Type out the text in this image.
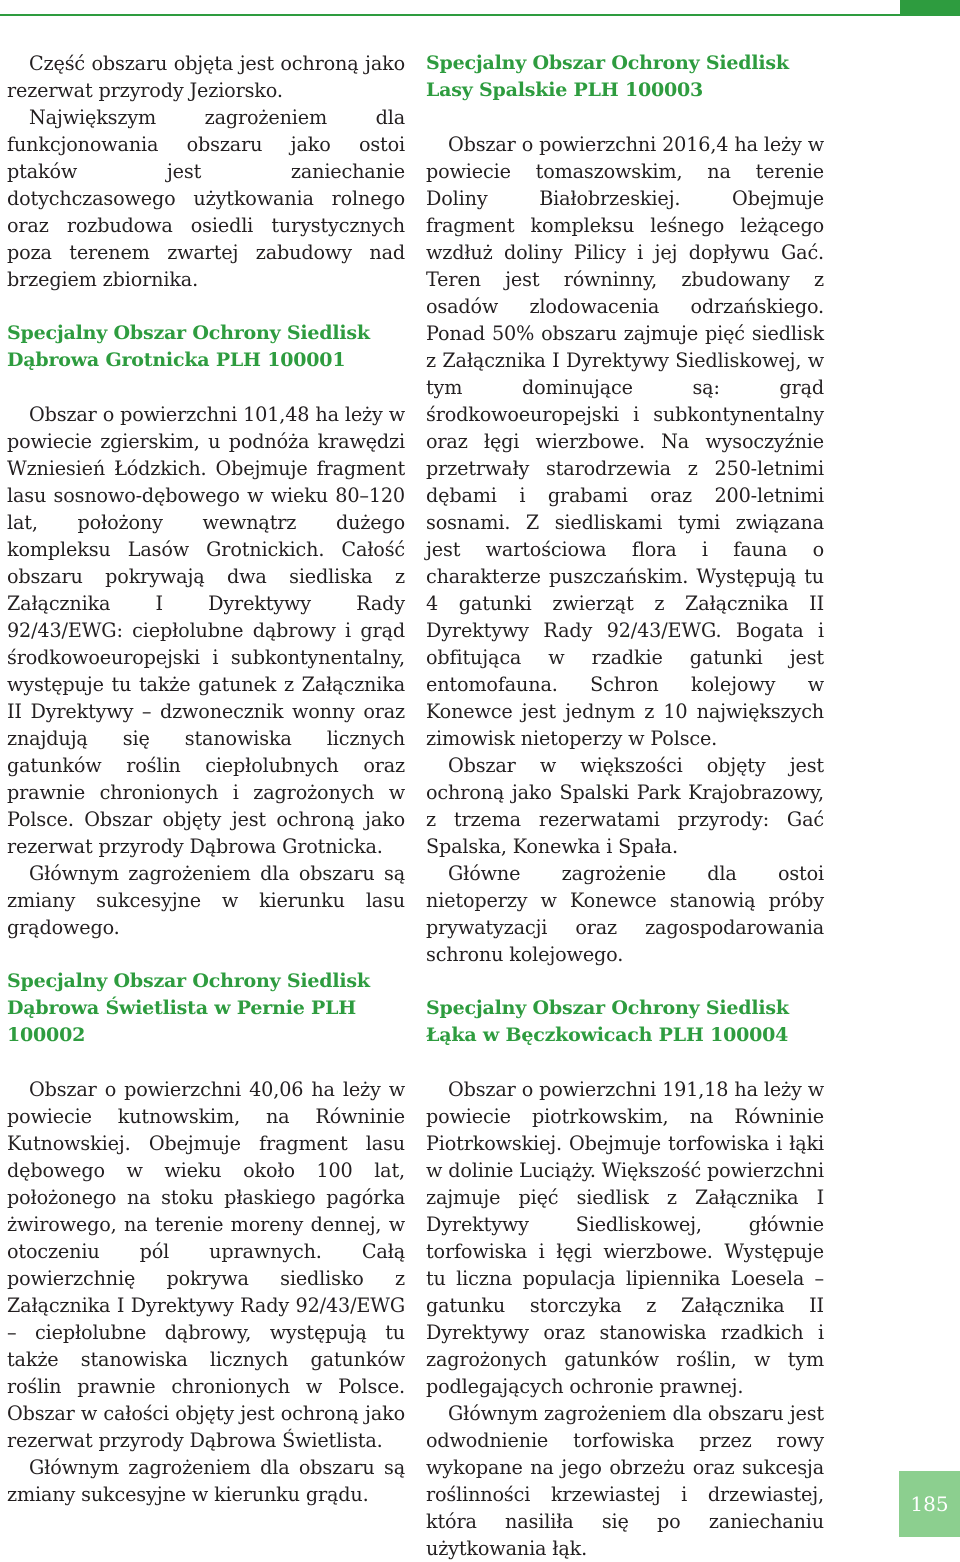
Część obszaru objęta jest ochroną jako rezerwat przyrody Jeziorsko.

Największym zagrożeniem dla funkcjonowania obszaru jako ostoi ptaków jest zaniechanie dotychczasowego użytkowania rolnego oraz rozbudowa osiedli turystycznych poza terenem zwartej zabudowy nad brzegiem zbiornika.

Specjalny Obszar Ochrony Siedlisk Dąbrowa Grotnicka PLH 100001

Obszar o powierzchni 101,48 ha leży w powiecie zgierskim, u podnóża krawędzi Wzniesień Łódzkich. Obejmuje fragment lasu sosnowo-dębowego w wieku 80–120 lat, położony wewnątrz dużego kompleksu Lasów Grotnickich. Całość obszaru pokrywają dwa siedliska z Załącznika I Dyrektywy Rady 92/43/EWG: ciepłolubne dąbrowy i grąd środkowoeuropejski i subkontynentalny, występuje tu także gatunek z Załącznika II Dyrektywy – dzwonecznik wonny oraz znajdują się stanowiska licznych gatunków roślin ciepłolubnych oraz prawnie chronionych i zagrożonych w Polsce. Obszar objęty jest ochroną jako rezerwat przyrody Dąbrowa Grotnicka.

Głównym zagrożeniem dla obszaru są zmiany sukcesyjne w kierunku lasu grądowego.

Specjalny Obszar Ochrony Siedlisk Dąbrowa Świetlista w Pernie PLH 100002

Obszar o powierzchni 40,06 ha leży w powiecie kutnowskim, na Równinie Kutnowskiej. Obejmuje fragment lasu dębowego w wieku około 100 lat, położonego na stoku płaskiego pagórka żwirowego, na terenie moreny dennej, w otoczeniu pól uprawnych. Całą powierzchnię pokrywa siedlisko z Załącznika I Dyrektywy Rady 92/43/EWG – ciepłolubne dąbrowy, występują tu także stanowiska licznych gatunków roślin prawnie chronionych w Polsce. Obszar w całości objęty jest ochroną jako rezerwat przyrody Dąbrowa Świetlista.

Głównym zagrożeniem dla obszaru są zmiany sukcesyjne w kierunku grądu.

Specjalny Obszar Ochrony Siedlisk Lasy Spalskie PLH 100003

Obszar o powierzchni 2016,4 ha leży w powiecie tomaszowskim, na terenie Doliny Białobrzeskiej. Obejmuje fragment kompleksu leśnego leżącego wzdłuż doliny Pilicy i jej dopływu Gać. Teren jest równinny, zbudowany z osadów zlodowacenia odrzańskiego. Ponad 50% obszaru zajmuje pięć siedlisk z Załącznika I Dyrektywy Siedliskowej, w tym dominujące są: grąd środkowoeuropejski i subkontynentalny oraz łęgi wierzbowe. Na wysoczyźnie przetrwały starodrzewia z 250-letnimi dębami i grabami oraz 200-letnimi sosnami. Z siedliskami tymi związana jest wartościowa flora i fauna o charakterze puszczańskim. Występują tu 4 gatunki zwierząt z Załącznika II Dyrektywy Rady 92/43/EWG. Bogata i obfitująca w rzadkie gatunki jest entomofauna. Schron kolejowy w Konewce jest jednym z 10 największych zimowisk nietoperzy w Polsce.

Obszar w większości objęty jest ochroną jako Spalski Park Krajobrazowy, z trzema rezerwatami przyrody: Gać Spalska, Konewka i Spała.

Główne zagrożenie dla ostoi nietoperzy w Konewce stanowią próby prywatyzacji oraz zagospodarowania schronu kolejowego.

Specjalny Obszar Ochrony Siedlisk Łąka w Bęczkowicach PLH 100004

Obszar o powierzchni 191,18 ha leży w powiecie piotrkowskim, na Równinie Piotrkowskiej. Obejmuje torfowiska i łąki w dolinie Luciąży. Większość powierzchni zajmuje pięć siedlisk z Załącznika I Dyrektywy Siedliskowej, głównie torfowiska i łęgi wierzbowe. Występuje tu liczna populacja lipiennika Loesela – gatunku storczyka z Załącznika II Dyrektywy oraz stanowiska rzadkich i zagrożonych gatunków roślin, w tym podlegających ochronie prawnej.

Głównym zagrożeniem dla obszaru jest odwodnienie torfowiska przez rowy wykopane na jego obrzeżu oraz sukcesja roślinności krzewiastej i drzewiastej, która nasiliła się po zaniechaniu użytkowania łąk.

185
